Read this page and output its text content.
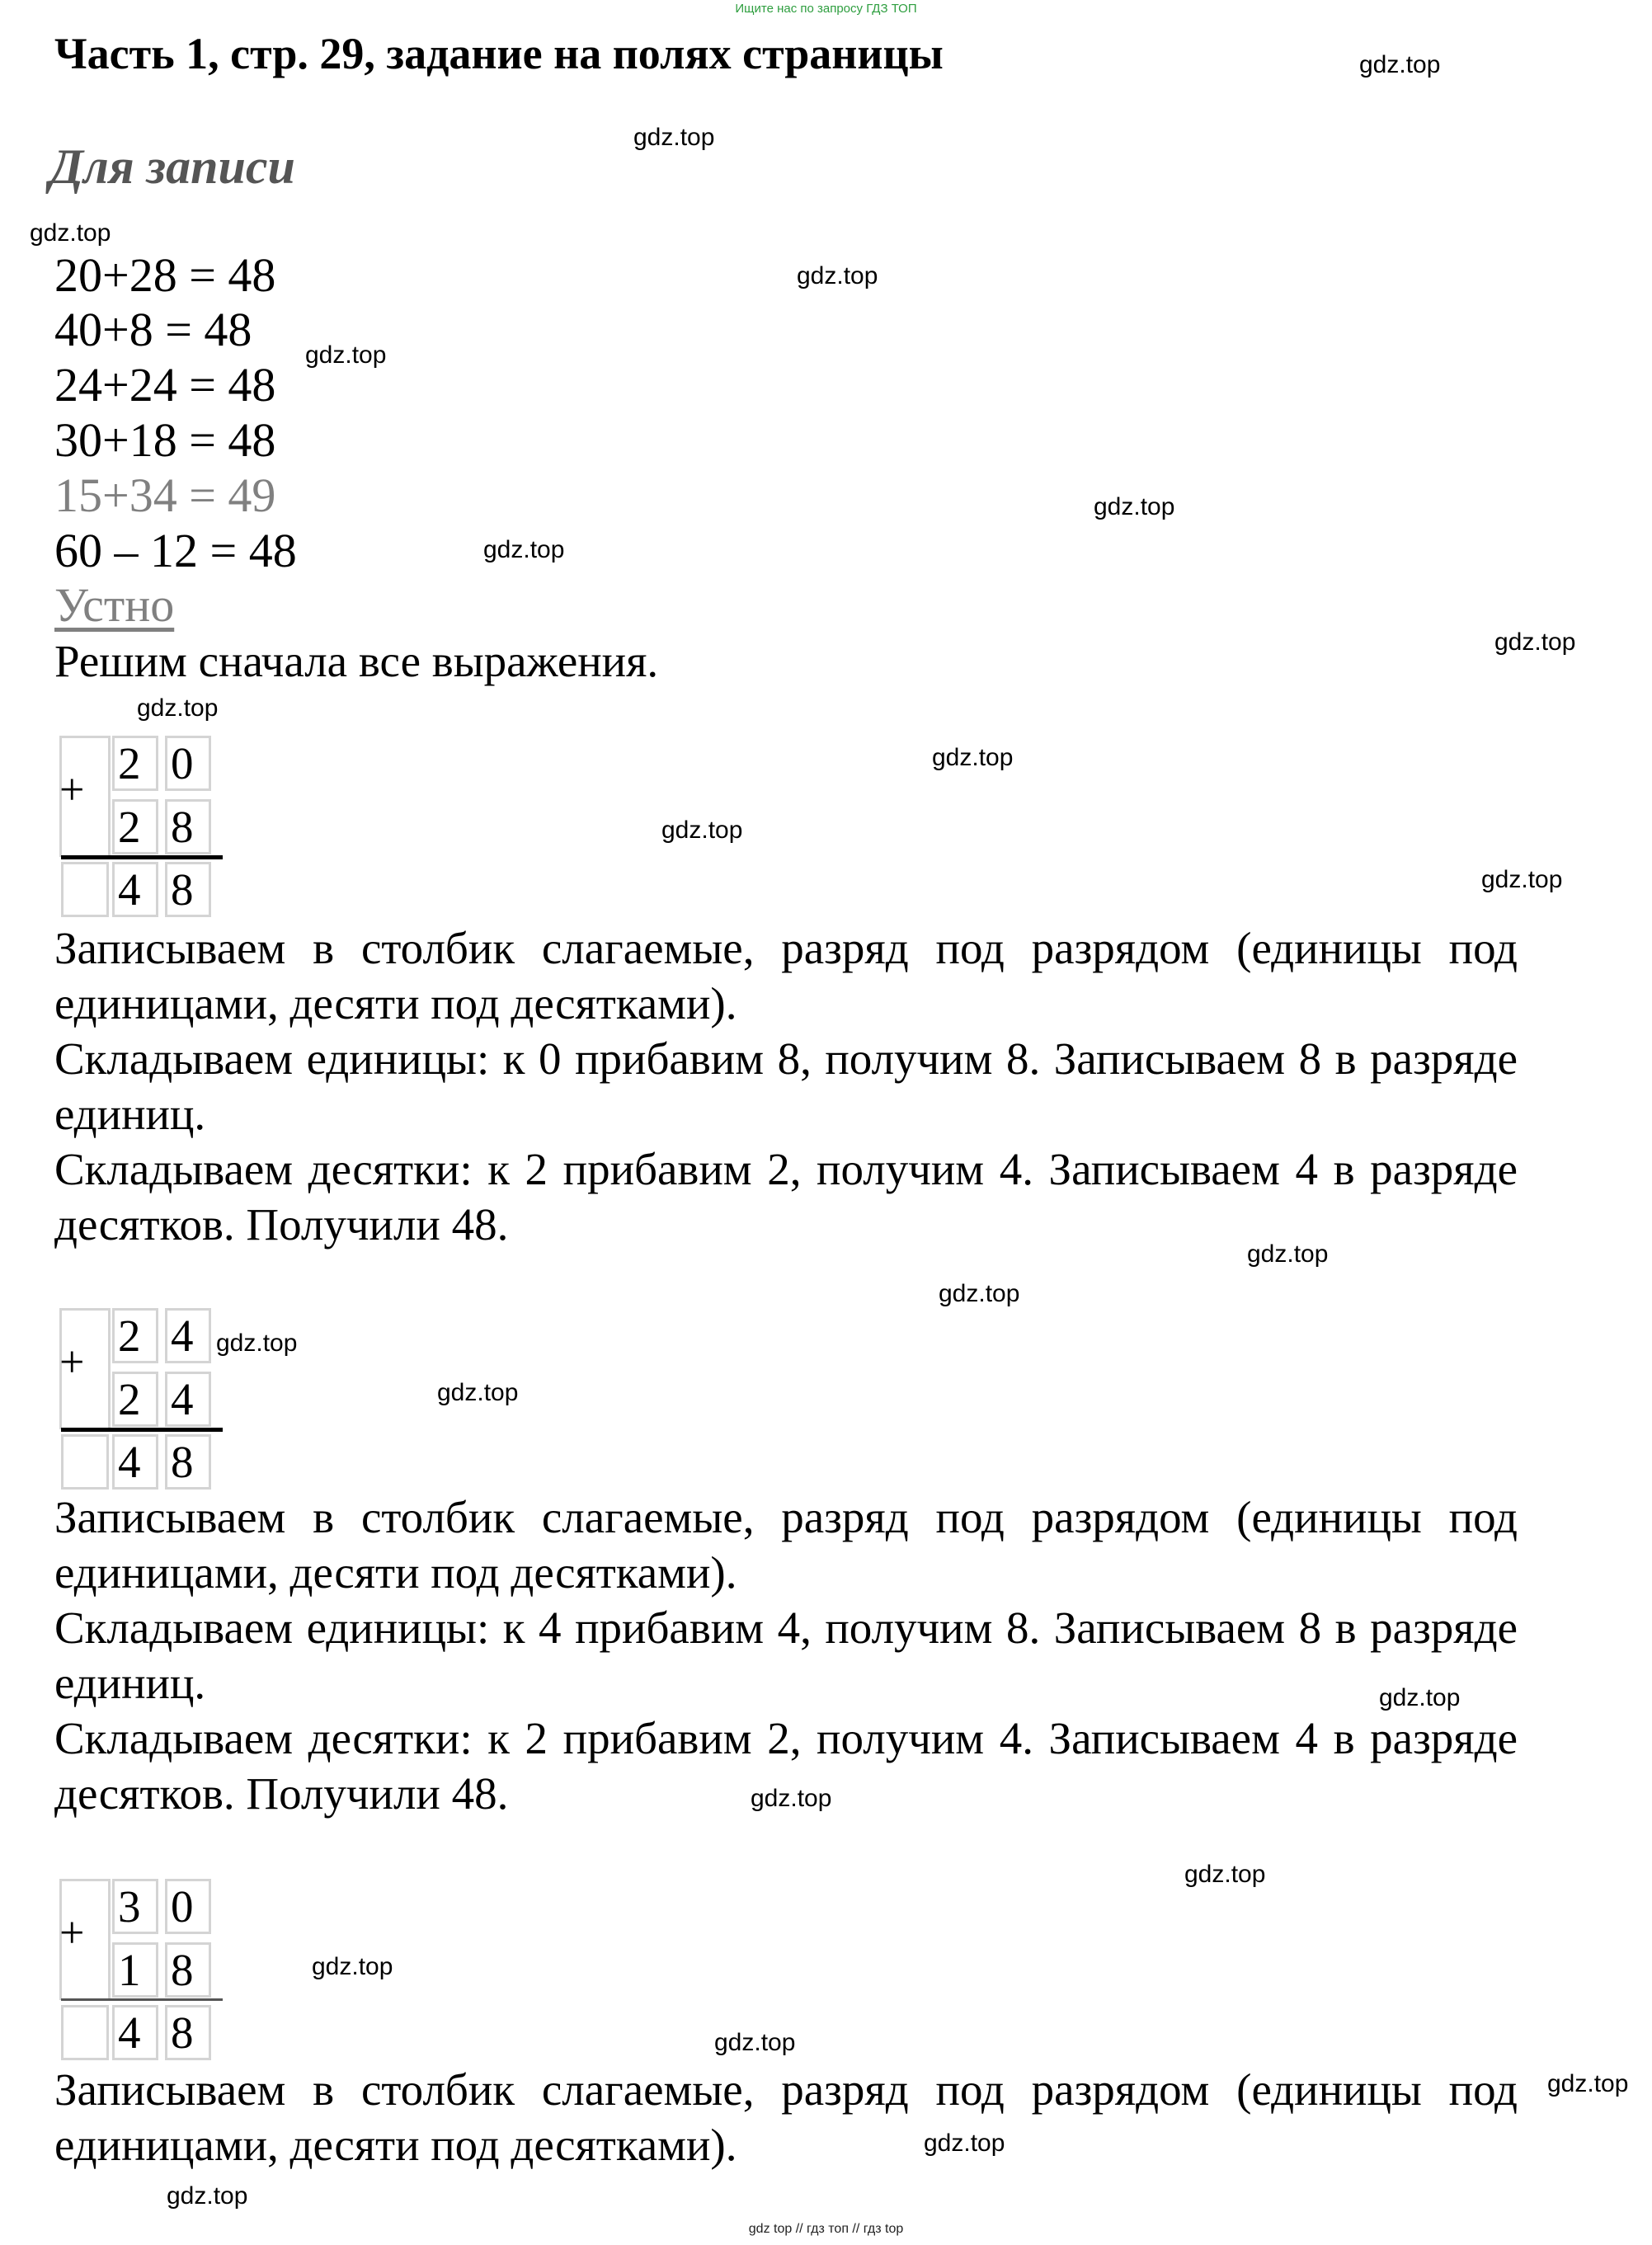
Ищите нас по запросу ГДЗ ТОП
gdz top // гдз топ // гдз top
Часть 1, стр. 29, задание на полях страницы
Для записи
20+28 = 48
40+8 = 48
24+24 = 48
30+18 = 48
15+34 = 49
60 – 12 = 48
Устно
Решим сначала все выражения.
+
2 0
2 8
4 8
Записываем в столбик слагаемые, разряд под разрядом (единицы под единицами, десяти под десятками).
Складываем единицы: к 0 прибавим 8, получим 8. Записываем 8 в разряде единиц.
Складываем десятки: к 2 прибавим 2, получим 4. Записываем 4 в разряде десятков. Получили 48.
+
4
2
2 4
4 8
Записываем в столбик слагаемые, разряд под разрядом (единицы под единицами, десяти под десятками).
Складываем единицы: к 4 прибавим 4, получим 8. Записываем 8 в разряде единиц.
Складываем десятки: к 2 прибавим 2, получим 4. Записываем 4 в разряде десятков. Получили 48.
+
3 0
1 8
4 8
Записываем в столбик слагаемые, разряд под разрядом (единицы под единицами, десяти под десятками).
gdz.top
gdz.top
gdz.top
gdz.top
gdz.top
gdz.top
gdz.top
gdz.top
gdz.top
gdz.top
gdz.top
gdz.top
gdz.top
gdz.top
gdz.top
gdz.top
gdz.top
gdz.top
gdz.top
gdz.top
gdz.top
gdz.top
gdz.top
gdz.top
